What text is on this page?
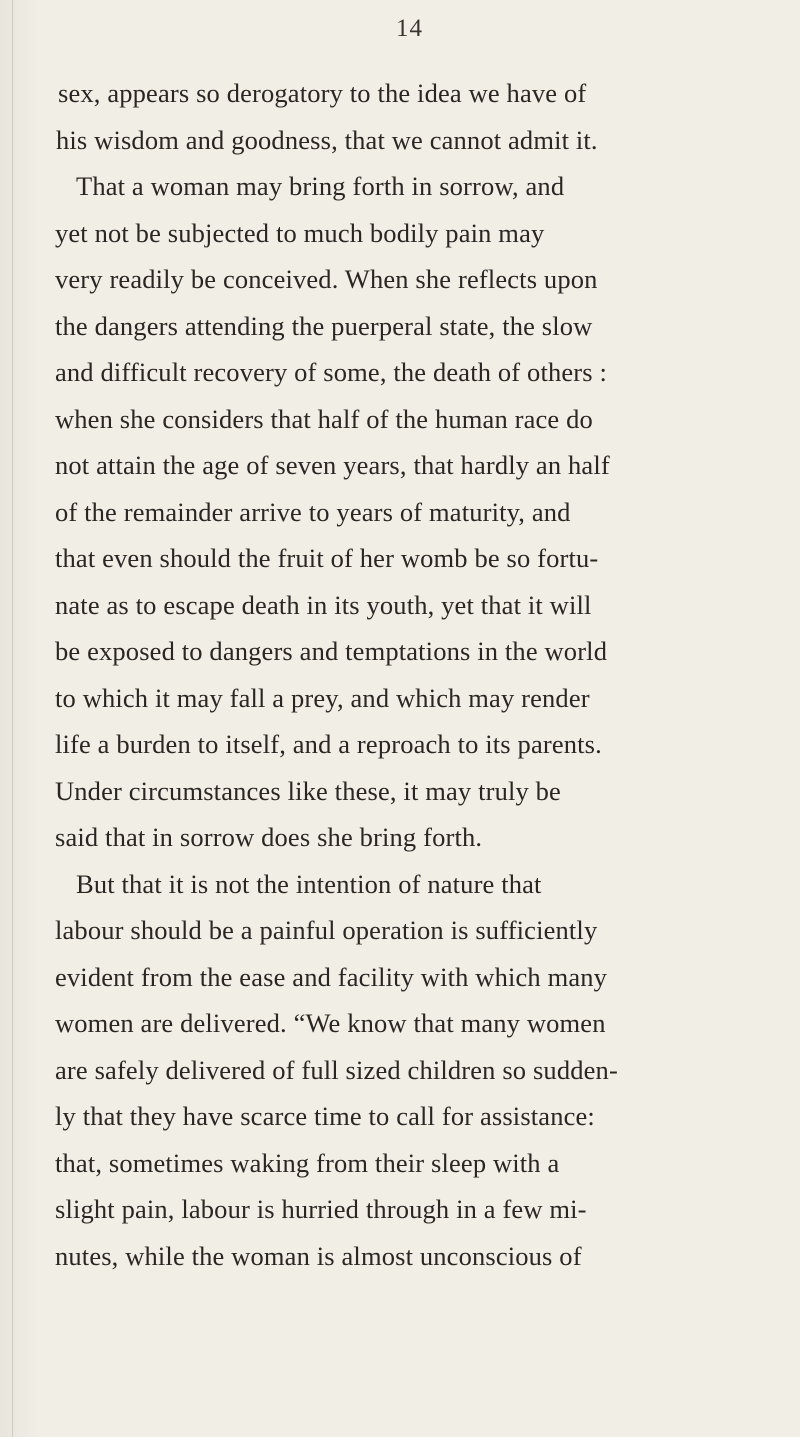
14
sex, appears so derogatory to the idea we have of
his wisdom and goodness, that we cannot admit it.
That a woman may bring forth in sorrow, and
yet not be subjected to much bodily pain may
very readily be conceived. When she reflects upon
the dangers attending the puerperal state, the slow
and difficult recovery of some, the death of others :
when she considers that half of the human race do
not attain the age of seven years, that hardly an half
of the remainder arrive to years of maturity, and
that even should the fruit of her womb be so fortu-
nate as to escape death in its youth, yet that it will
be exposed to dangers and temptations in the world
to which it may fall a prey, and which may render
life a burden to itself, and a reproach to its parents.
Under circumstances like these, it may truly be
said that in sorrow does she bring forth.
But that it is not the intention of nature that
labour should be a painful operation is sufficiently
evident from the ease and facility with which many
women are delivered. “We know that many women
are safely delivered of full sized children so sudden-
ly that they have scarce time to call for assistance:
that, sometimes waking from their sleep with a
slight pain, labour is hurried through in a few mi-
nutes, while the woman is almost unconscious of
